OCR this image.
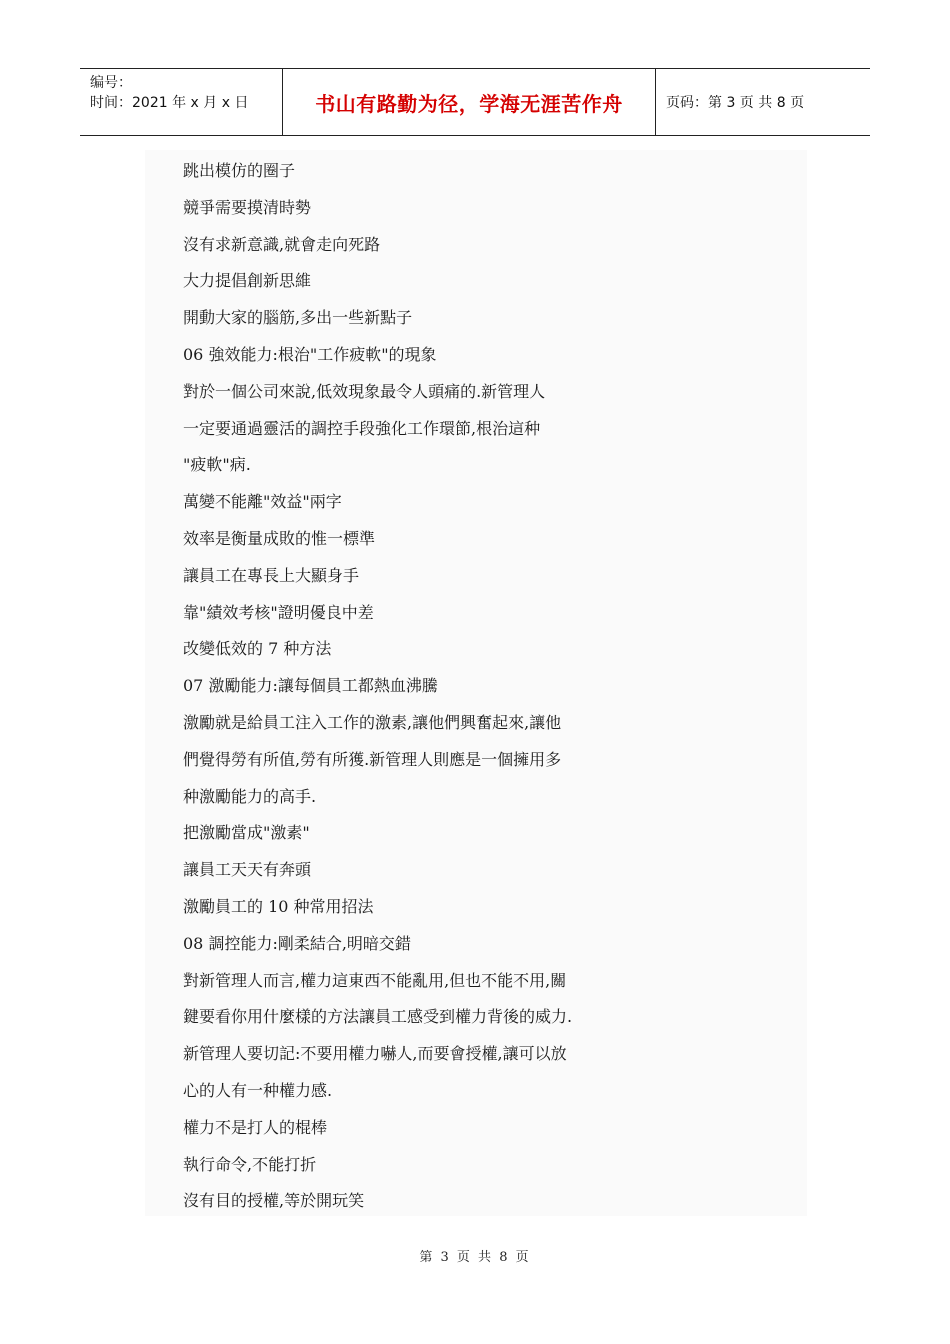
编号：
时间：2021 年 x 月 x 日	书山有路勤为径，学海无涯苦作舟	页码：第 3 页 共 8 页
跳出模仿的圈子
競爭需要摸清時勢
沒有求新意識,就會走向死路
大力提倡創新思維
開動大家的腦筋,多出一些新點子
06 強效能力:根治"工作疲軟"的現象
對於一個公司來說,低效現象最令人頭痛的.新管理人
一定要通過靈活的調控手段強化工作環節,根治這种
"疲軟"病.
萬變不能離"效益"兩字
效率是衡量成敗的惟一標準
讓員工在專長上大顯身手
靠"績效考核"證明優良中差
改變低效的 7 种方法
07 激勵能力:讓每個員工都熱血沸騰
激勵就是給員工注入工作的激素,讓他們興奮起來,讓他
們覺得勞有所值,勞有所獲.新管理人則應是一個擁用多
种激勵能力的高手.
把激勵當成"激素"
讓員工天天有奔頭
激勵員工的 10 种常用招法
08 調控能力:剛柔結合,明暗交錯
對新管理人而言,權力這東西不能亂用,但也不能不用,關
鍵要看你用什麼樣的方法讓員工感受到權力背後的威力.
新管理人要切記:不要用權力嚇人,而要會授權,讓可以放
心的人有一种權力感.
權力不是打人的棍棒
執行命令,不能打折
沒有目的授權,等於開玩笑
第 3 页 共 8 页
